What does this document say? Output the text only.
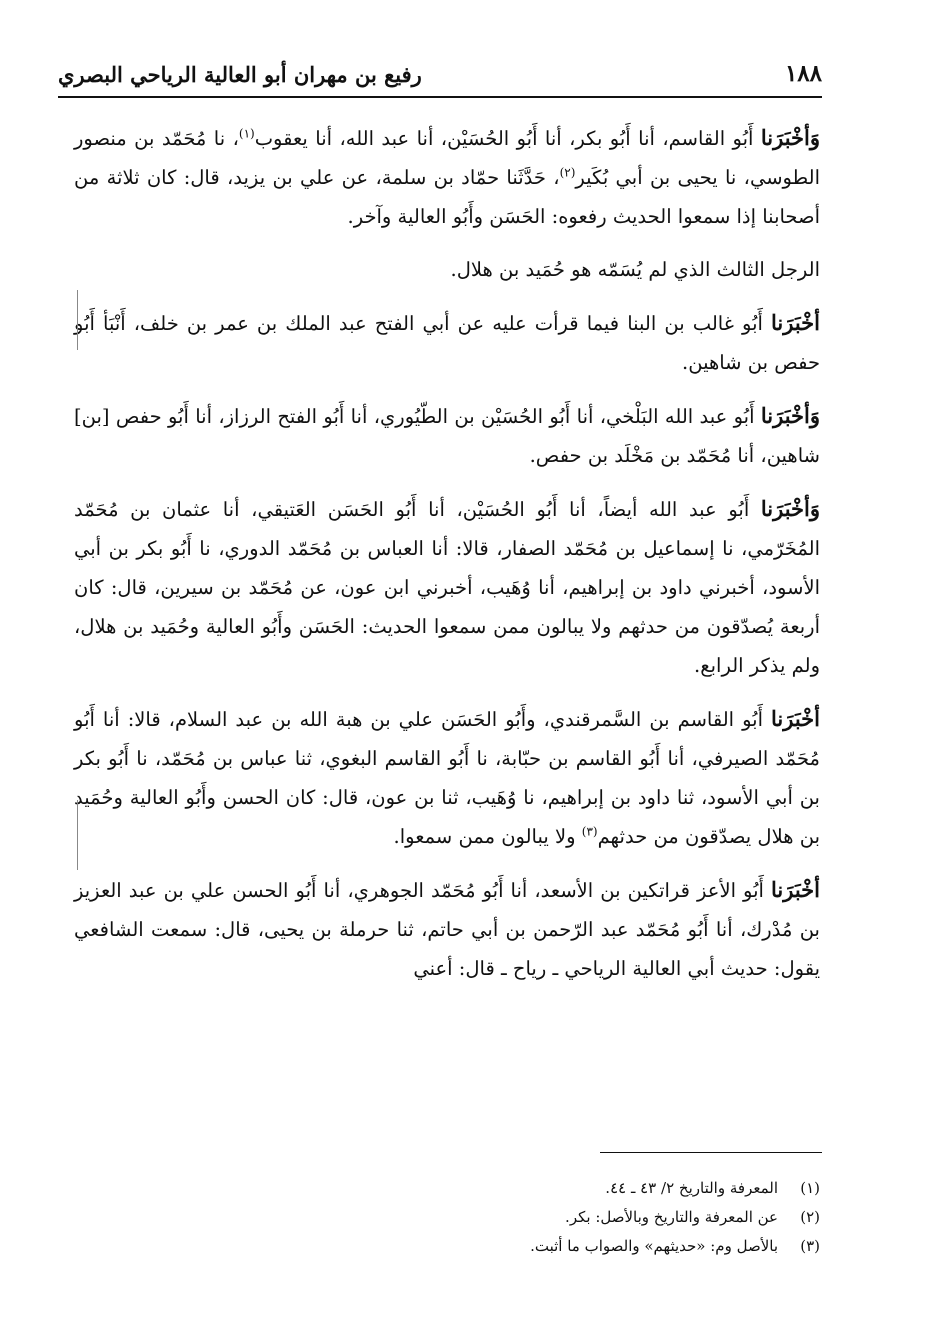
١٨٨
رفيع بن مهران أبو العالية الرياحي البصري

وَأخْبَرَنا أَبُو القاسم، أنا أَبُو بكر، أنا أَبُو الحُسَيْن، أنا عبد الله، أنا يعقوب$^{(١)}$، نا مُحَمّد بن منصور الطوسي، نا يحيى بن أبي بُكَير$^{(٢)}$، حَدَّثَنا حمّاد بن سلمة، عن علي بن يزيد، قال: كان ثلاثة من أصحابنا إذا سمعوا الحديث رفعوه: الحَسَن وأَبُو العالية وآخر.

الرجل الثالث الذي لم يُسَمّه هو حُمَيد بن هلال.

أخْبَرَنا أَبُو غالب بن البنا فيما قرأت عليه عن أبي الفتح عبد الملك بن عمر بن خلف، أَنْبَأ أَبُو حفص بن شاهين.

وَأخْبَرَنا أَبُو عبد الله البَلْخي، أنا أَبُو الحُسَيْن بن الطّيُوري، أنا أَبُو الفتح الرزاز، أنا أَبُو حفص [بن] شاهين، أنا مُحَمّد بن مَخْلَد بن حفص.

وَأخْبَرَنا أَبُو عبد الله أيضاً، أنا أَبُو الحُسَيْن، أنا أَبُو الحَسَن العَتيقي، أنا عثمان بن مُحَمّد المُخَرّمي، نا إسماعيل بن مُحَمّد الصفار، قالا: أنا العباس بن مُحَمّد الدوري، نا أَبُو بكر بن أبي الأسود، أخبرني داود بن إبراهيم، أنا وُهَيب، أخبرني ابن عون، عن مُحَمّد بن سيرين، قال: كان أربعة يُصدّقون من حدثهم ولا يبالون ممن سمعوا الحديث: الحَسَن وأَبُو العالية وحُمَيد بن هلال، ولم يذكر الرابع.

أخْبَرَنا أَبُو القاسم بن السَّمرقندي، وأَبُو الحَسَن علي بن هبة الله بن عبد السلام، قالا: أنا أَبُو مُحَمّد الصيرفي، أنا أَبُو القاسم بن حبّابة، نا أَبُو القاسم البغوي، ثنا عباس بن مُحَمّد، نا أَبُو بكر بن أبي الأسود، ثنا داود بن إبراهيم، نا وُهَيب، ثنا بن عون، قال: كان الحسن وأَبُو العالية وحُمَيد بن هلال يصدّقون من حدثهم$^{(٣)}$ ولا يبالون ممن سمعوا.

أخْبَرَنا أَبُو الأعز قراتكين بن الأسعد، أنا أَبُو مُحَمّد الجوهري، أنا أَبُو الحسن علي بن عبد العزيز بن مُدْرك، أنا أَبُو مُحَمّد عبد الرّحمن بن أبي حاتم، ثنا حرملة بن يحيى، قال: سمعت الشافعي يقول: حديث أبي العالية الرياحي ـ رياح ـ قال: أعني

(١)المعرفة والتاريخ ٢/ ٤٣ ـ ٤٤.

(٢)عن المعرفة والتاريخ وبالأصل: بكر.

(٣)بالأصل وم: «حديثهم» والصواب ما أثبت.
